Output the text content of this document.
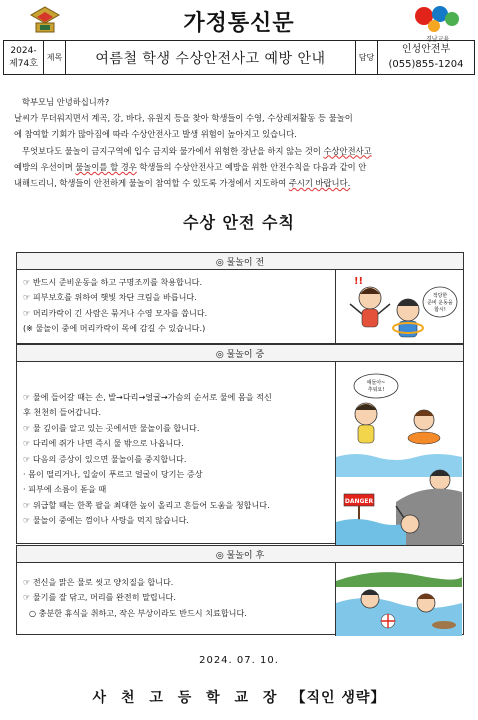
가정통신문
경남교육
2024-
제74호
제목	여름철 학생 수상안전사고 예방 안내	담당
인성안전부
(055)855-1204

학부모님 안녕하십니까?

날씨가 무더워지면서 계곡, 강, 바다, 유원지 등을 찾아 학생들이 수영, 수상레저활동 등 물놀이

에 참여할 기회가 많아짐에 따라 수상안전사고 발생 위험이 높아지고 있습니다.

무엇보다도 물놀이 금지구역에 입수 금지와 물가에서 위험한 장난을 하지 않는 것이 수상안전사고

예방의 우선이며 물놀이를 할 경우 학생들의 수상안전사고 예방을 위한 안전수칙을 다음과 같이 안

내해드리니, 학생들이 안전하게 물놀이 참여할 수 있도록 가정에서 지도하여 주시기 바랍니다.

수상 안전 수칙
◎ 물놀이 전
☞ 반드시 준비운동을 하고 구명조끼를 착용합니다.
☞ 피부보호를 위하여 햇빛 차단 크림을 바릅니다.
☞ 머리카락이 긴 사람은 묶거나 수영 모자를 씁니다.
(※ 물놀이 중에 머리카락이 목에 감길 수 있습니다.)
적당한
준비 운동을
합시!
!!
◎ 물놀이 중
☞ 물에 들어갈 때는 손, 발→다리→얼굴→가슴의 순서로 물에 몸을 적신
후 천천히 들어갑니다.
☞ 물 깊이를 알고 있는 곳에서만 물놀이를 합니다.
☞ 다리에 쥐가 나면 즉시 물 밖으로 나옵니다.
☞ 다음의 증상이 있으면 물놀이를 중지합니다.
· 몸이 떨리거나, 입술이 푸르고 얼굴이 당기는 증상
· 피부에 소름이 돋을 때
☞ 위급할 때는 한쪽 팔을 최대한 높이 올리고 흔들어 도움을 청합니다.
☞ 물놀이 중에는 껌이나 사탕을 먹지 않습니다.
얘들아~
추워요!
DANGER
◎ 물놀이 후
☞ 전신을 맑은 물로 씻고 양치질을 합니다.
☞ 물기를 잘 닦고, 머리를 완전히 말립니다.
○ 충분한 휴식을 취하고, 작은 부상이라도 반드시 치료합니다.
2024. 07. 10.
사 천 고 등 학 교 장 【직인 생략】
